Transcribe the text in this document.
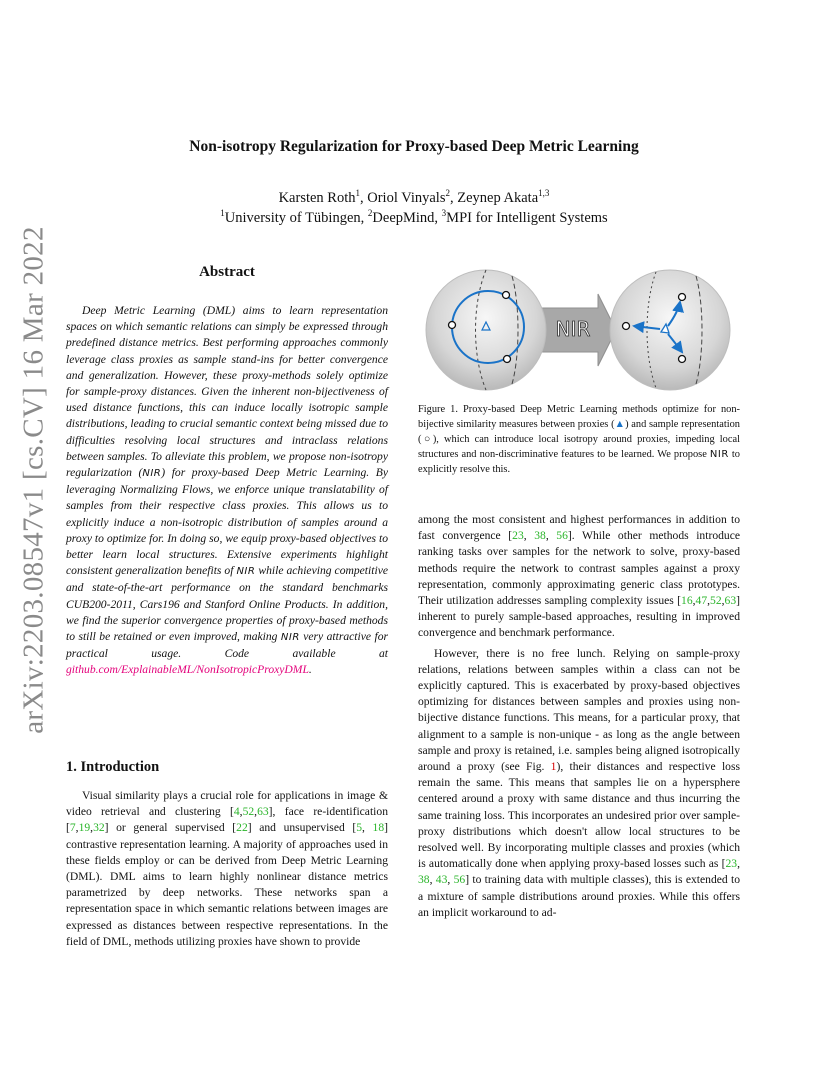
arXiv:2203.08547v1 [cs.CV] 16 Mar 2022
Non-isotropy Regularization for Proxy-based Deep Metric Learning
Karsten Roth$^1$, Oriol Vinyals$^2$, Zeynep Akata$^{1,3}$
$^1$University of Tübingen, $^2$DeepMind, $^3$MPI for Intelligent Systems
Abstract

Deep Metric Learning (DML) aims to learn representation spaces on which semantic relations can simply be expressed through predefined distance metrics. Best performing approaches commonly leverage class proxies as sample stand-ins for better convergence and generalization. However, these proxy-methods solely optimize for sample-proxy distances. Given the inherent non-bijectiveness of used distance functions, this can induce locally isotropic sample distributions, leading to crucial semantic context being missed due to difficulties resolving local structures and intraclass relations between samples. To alleviate this problem, we propose non-isotropy regularization (NIR) for proxy-based Deep Metric Learning. By leveraging Normalizing Flows, we enforce unique translatability of samples from their respective class proxies. This allows us to explicitly induce a non-isotropic distribution of samples around a proxy to optimize for. In doing so, we equip proxy-based objectives to better learn local structures. Extensive experiments highlight consistent generalization benefits of NIR while achieving competitive and state-of-the-art performance on the standard benchmarks CUB200-2011, Cars196 and Stanford Online Products. In addition, we find the superior convergence properties of proxy-based methods to still be retained or even improved, making NIR very attractive for practical usage. Code available at github.com/ExplainableML/NonIsotropicProxyDML.

NIR
Figure 1. Proxy-based Deep Metric Learning methods optimize for non-bijective similarity measures between proxies (▲) and sample representation (○), which can introduce local isotropy around proxies, impeding local structures and non-discriminative features to be learned. We propose NIR to explicitly resolve this.
1. Introduction

Visual similarity plays a crucial role for applications in image & video retrieval and clustering [4,52,63], face re-identification [7,19,32] or general supervised [22] and unsupervised [5, 18] contrastive representation learning. A majority of approaches used in these fields employ or can be derived from Deep Metric Learning (DML). DML aims to learn highly nonlinear distance metrics parametrized by deep networks. These networks span a representation space in which semantic relations between images are expressed as distances between respective representations. In the field of DML, methods utilizing proxies have shown to provide

among the most consistent and highest performances in addition to fast convergence [23, 38, 56]. While other methods introduce ranking tasks over samples for the network to solve, proxy-based methods require the network to contrast samples against a proxy representation, commonly approximating generic class prototypes. Their utilization addresses sampling complexity issues [16,47,52,63] inherent to purely sample-based approaches, resulting in improved convergence and benchmark performance.

However, there is no free lunch. Relying on sample-proxy relations, relations between samples within a class can not be explicitly captured. This is exacerbated by proxy-based objectives optimizing for distances between samples and proxies using non-bijective distance functions. This means, for a particular proxy, that alignment to a sample is non-unique - as long as the angle between sample and proxy is retained, i.e. samples being aligned isotropically around a proxy (see Fig. 1), their distances and respective loss remain the same. This means that samples lie on a hypersphere centered around a proxy with same distance and thus incurring the same training loss. This incorporates an undesired prior over sample-proxy distributions which doesn't allow local structures to be resolved well. By incorporating multiple classes and proxies (which is automatically done when applying proxy-based losses such as [23, 38, 43, 56] to training data with multiple classes), this is extended to a mixture of sample distributions around proxies. While this offers an implicit workaround to ad-
